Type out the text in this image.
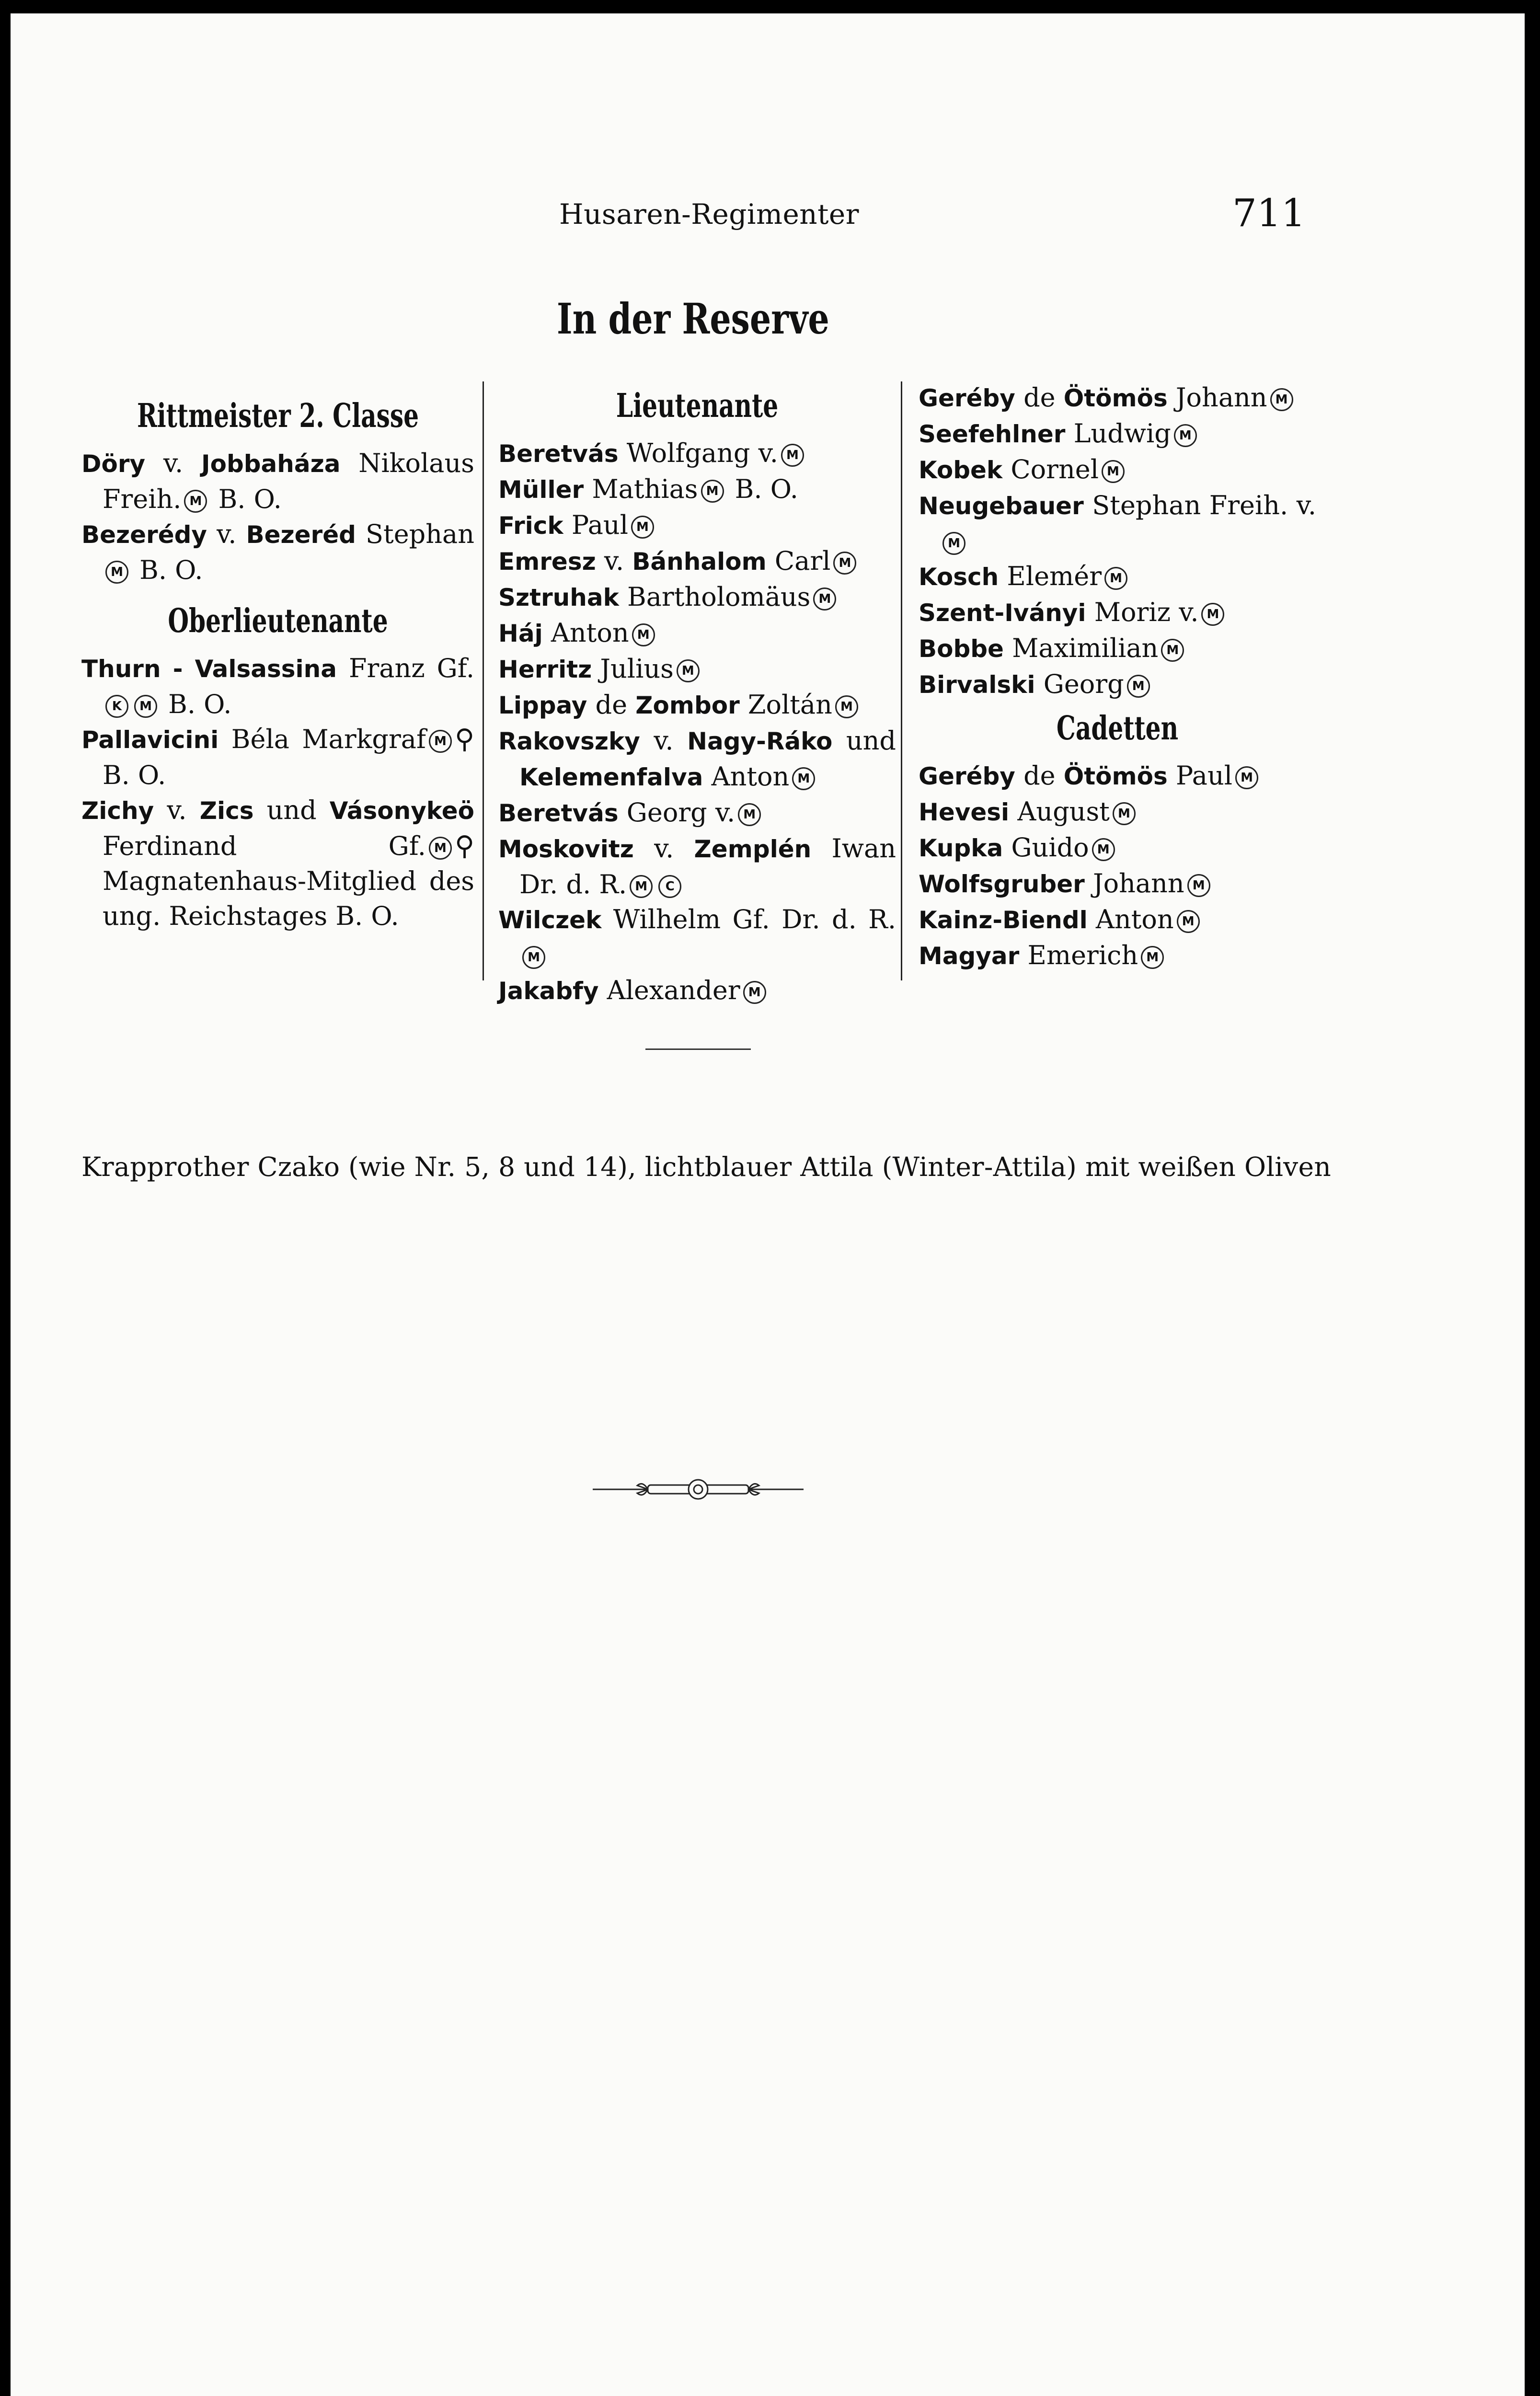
Husaren-Regimenter	711
In der Reserve
Rittmeister 2. Classe
Döry v. Jobbaháza Nikolaus Freih. M B. O.
Bezerédy v. Bezeréd StephanM B. O.
Oberlieutenante
Thurn - Valsassina Franz Gf.K M B. O.
Pallavicini Béla Markgraf M ⚲ B. O.
Zichy v. Zics und Vásonykeö Ferdinand Gf. M ⚲ Magnatenhaus-Mitglied des ung. Reichstages B. O.
Lieutenante
Beretvás Wolfgang v. M
Müller Mathias M B. O.
Frick Paul M
Emresz v. Bánhalom Carl M
Sztruhak Bartholomäus M
Háj Anton M
Herritz Julius M
Lippay de Zombor Zoltán M
Rakovszky v. Nagy-Ráko und Kelemenfalva Anton M
Beretvás Georg v. M
Moskovitz v. Zemplén Iwan Dr. d. R. M C
Wilczek Wilhelm Gf. Dr. d. R.M
Jakabfy Alexander M
Geréby de Ötömös Johann M
Seefehlner Ludwig M
Kobek Cornel M
Neugebauer Stephan Freih. v.M
Kosch Elemér M
Szent-Iványi Moriz v. M
Bobbe Maximilian M
Birvalski Georg M
Cadetten
Geréby de Ötömös Paul M
Hevesi August M
Kupka Guido M
Wolfsgruber Johann M
Kainz-Biendl Anton M
Magyar Emerich M
Krapprother Czako (wie Nr. 5, 8 und 14), lichtblauer Attila (Winter-Attila) mit weißen Oliven
